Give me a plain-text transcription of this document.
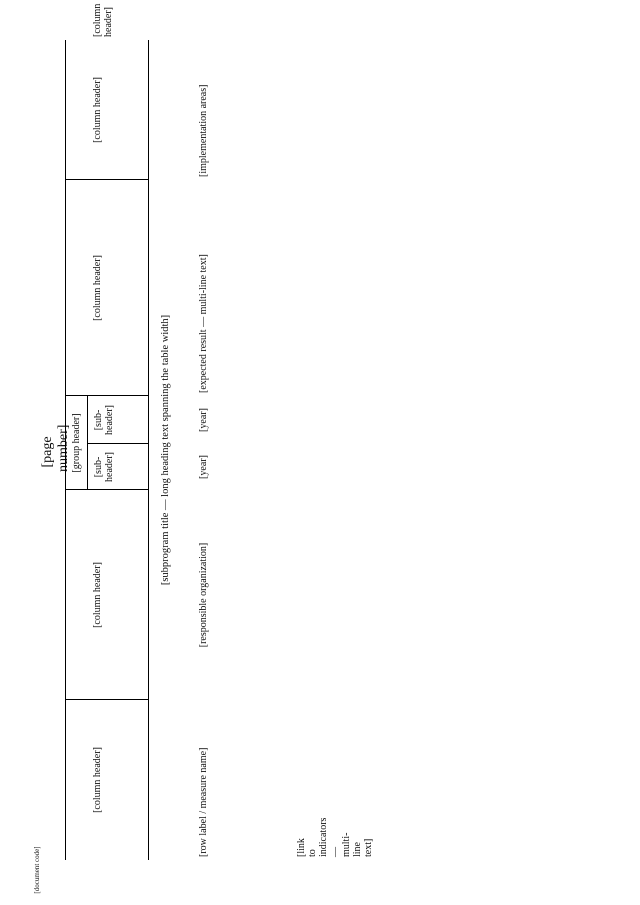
[page number]
[document code]
[column header]
[column header]
[group header] [sub-header]
[sub-header]
[column header]
[column header]
[column header]
[subprogram title — long heading text spanning the table width]
[row label / measure name]
[responsible organization]
[year]
[year]
[expected result — multi-line text]
[implementation areas]
[link to indicators — multi-line text]
